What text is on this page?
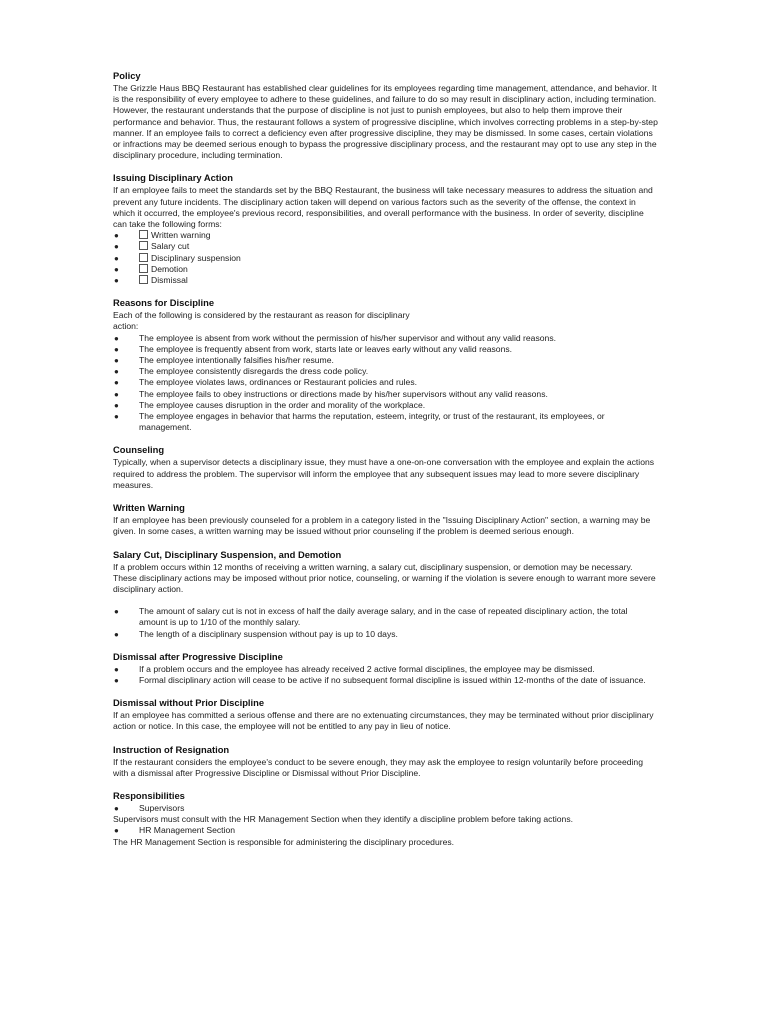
Policy

The Grizzle Haus BBQ Restaurant has established clear guidelines for its employees regarding time management, attendance, and behavior. It is the responsibility of every employee to adhere to these guidelines, and failure to do so may result in disciplinary action, including termination. However, the restaurant understands that the purpose of discipline is not just to punish employees, but also to help them improve their performance and behavior. Thus, the restaurant follows a system of progressive discipline, which involves correcting problems in a step-by-step manner. If an employee fails to correct a deficiency even after progressive discipline, they may be dismissed. In some cases, certain violations or infractions may be deemed serious enough to bypass the progressive disciplinary process, and the restaurant may opt to use any step in the disciplinary procedure, including termination.

Issuing Disciplinary Action

If an employee fails to meet the standards set by the BBQ Restaurant, the business will take necessary measures to address the situation and prevent any future incidents. The disciplinary action taken will depend on various factors such as the severity of the offense, the context in which it occurred, the employee's previous record, responsibilities, and overall performance with the business. In order of severity, discipline can take the following forms:

●	Written warning
●	Salary cut
●	Disciplinary suspension
●	Demotion
●	Dismissal
Reasons for Discipline

Each of the following is considered by the restaurant as reason for disciplinary

action:

● The employee is absent from work without the permission of his/her supervisor and without any valid reasons.
● The employee is frequently absent from work, starts late or leaves early without any valid reasons.
● The employee intentionally falsifies his/her resume.
● The employee consistently disregards the dress code policy.
● The employee violates laws, ordinances or Restaurant policies and rules.
● The employee fails to obey instructions or directions made by his/her supervisors without any valid reasons.
● The employee causes disruption in the order and morality of the workplace.
● The employee engages in behavior that harms the reputation, esteem, integrity, or trust of the restaurant, its employees, or management.
Counseling

Typically, when a supervisor detects a disciplinary issue, they must have a one-on-one conversation with the employee and explain the actions required to address the problem. The supervisor will inform the employee that any subsequent issues may lead to more severe disciplinary measures.

Written Warning

If an employee has been previously counseled for a problem in a category listed in the "Issuing Disciplinary Action" section, a warning may be given. In some cases, a written warning may be issued without prior counseling if the problem is deemed serious enough.

Salary Cut, Disciplinary Suspension, and Demotion

If a problem occurs within 12 months of receiving a written warning, a salary cut, disciplinary suspension, or demotion may be necessary. These disciplinary actions may be imposed without prior notice, counseling, or warning if the violation is severe enough to warrant more severe disciplinary action.

● The amount of salary cut is not in excess of half the daily average salary, and in the case of repeated disciplinary action, the total amount is up to 1/10 of the monthly salary.
● The length of a disciplinary suspension without pay is up to 10 days.
Dismissal after Progressive Discipline
● If a problem occurs and the employee has already received 2 active formal disciplines, the employee may be dismissed.
● Formal disciplinary action will cease to be active if no subsequent formal discipline is issued within 12-months of the date of issuance.
Dismissal without Prior Discipline

If an employee has committed a serious offense and there are no extenuating circumstances, they may be terminated without prior disciplinary action or notice. In this case, the employee will not be entitled to any pay in lieu of notice.

Instruction of Resignation

If the restaurant considers the employee's conduct to be severe enough, they may ask the employee to resign voluntarily before proceeding with a dismissal after Progressive Discipline or Dismissal without Prior Discipline.

Responsibilities
● Supervisors

Supervisors must consult with the HR Management Section when they identify a discipline problem before taking actions.

● HR Management Section

The HR Management Section is responsible for administering the disciplinary procedures.
